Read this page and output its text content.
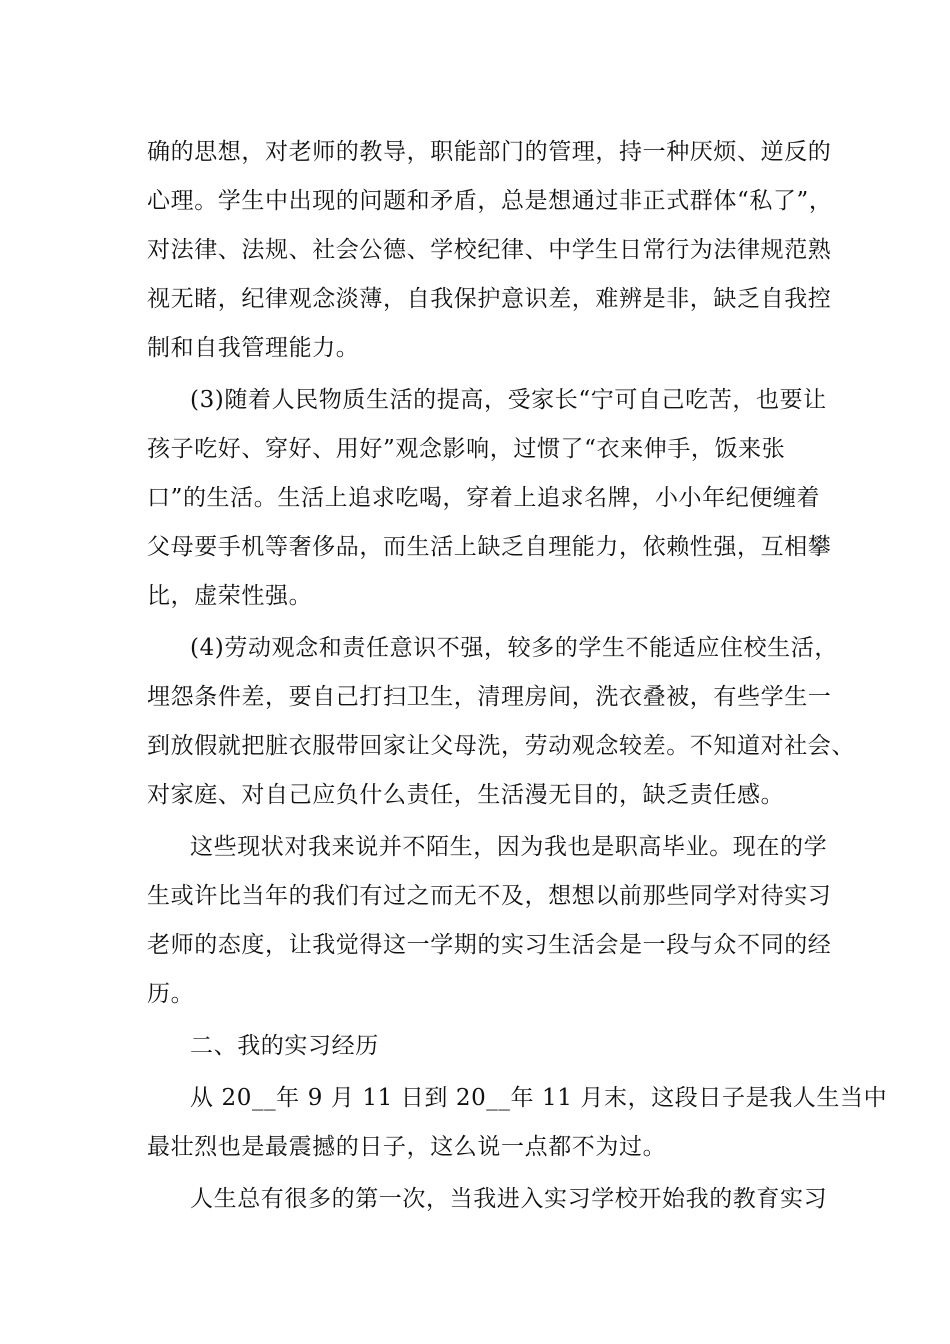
确的思想，对老师的教导，职能部门的管理，持一种厌烦、逆反的
心理。学生中出现的问题和矛盾，总是想通过非正式群体“私了”，
对法律、法规、社会公德、学校纪律、中学生日常行为法律规范熟
视无睹，纪律观念淡薄，自我保护意识差，难辨是非，缺乏自我控
制和自我管理能力。
(3)随着人民物质生活的提高，受家长“宁可自己吃苦，也要让
孩子吃好、穿好、用好”观念影响，过惯了“衣来伸手，饭来张
口”的生活。生活上追求吃喝，穿着上追求名牌，小小年纪便缠着
父母要手机等奢侈品，而生活上缺乏自理能力，依赖性强，互相攀
比，虚荣性强。
(4)劳动观念和责任意识不强，较多的学生不能适应住校生活，
埋怨条件差，要自己打扫卫生，清理房间，洗衣叠被，有些学生一
到放假就把脏衣服带回家让父母洗，劳动观念较差。不知道对社会、
对家庭、对自己应负什么责任，生活漫无目的，缺乏责任感。
这些现状对我来说并不陌生，因为我也是职高毕业。现在的学
生或许比当年的我们有过之而无不及，想想以前那些同学对待实习
老师的态度，让我觉得这一学期的实习生活会是一段与众不同的经
历。
二、我的实习经历
从 20__年 9 月 11 日到 20__年 11 月末，这段日子是我人生当中
最壮烈也是最震撼的日子，这么说一点都不为过。
人生总有很多的第一次，当我进入实习学校开始我的教育实习
